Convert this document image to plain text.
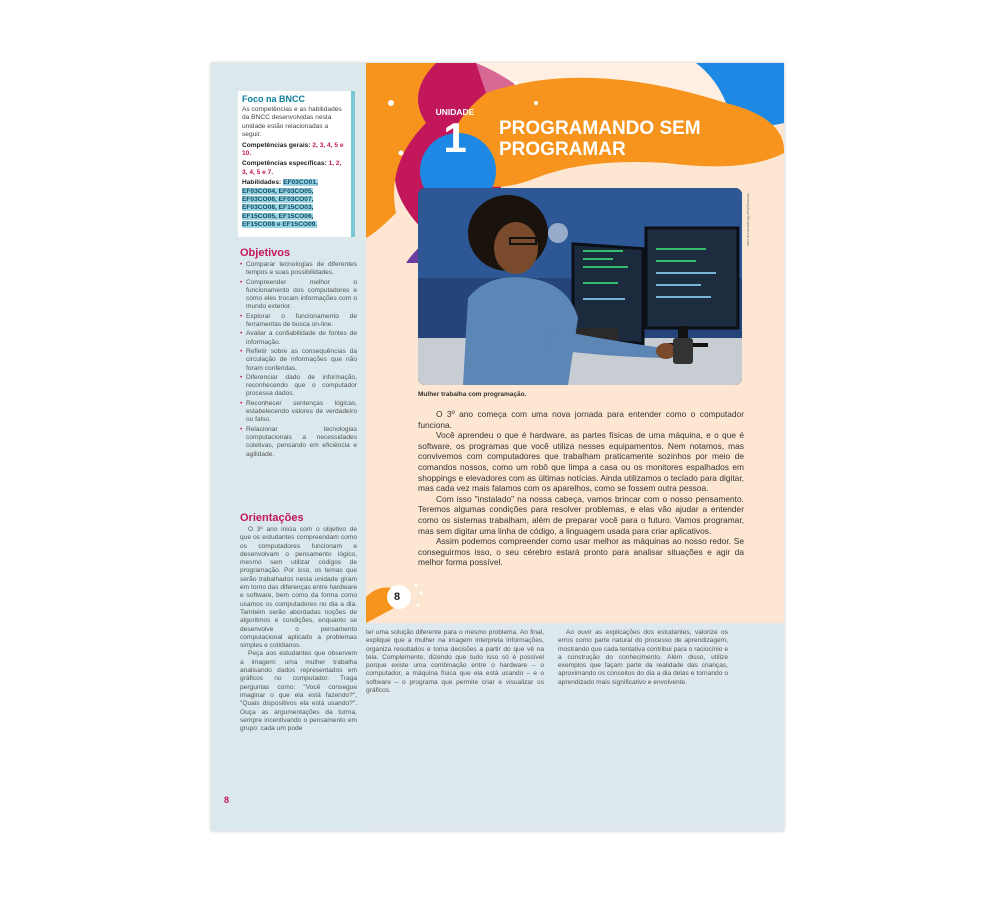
Foco na BNCC

As competências e as habilidades da BNCC desenvolvidas nesta unidade estão relacionadas a seguir.

Competências gerais: 2, 3, 4, 5 e 10.

Competências específicas: 1, 2, 3, 4, 5 e 7.

Habilidades: EF03CO01, EF03CO04, EF03CO05, EF03CO06, EF03CO07, EF03CO08, EF15CO03, EF15CO05, EF15CO06, EF15CO08 e EF15CO09.

Objetivos
• Comparar tecnologias de diferentes tempos e suas possibilidades.
• Compreender melhor o funcionamento dos computadores e como eles trocam informações com o mundo exterior.
• Explorar o funcionamento de ferramentas de busca on-line.
• Avaliar a confiabilidade de fontes de informação.
• Refletir sobre as consequências da circulação de informações que não foram conferidas.
• Diferenciar dado de informação, reconhecendo que o computador processa dados.
• Reconhecer sentenças lógicas, estabelecendo valores de verdadeiro ou falso.
• Relacionar tecnologias computacionais a necessidades coletivas, pensando em eficiência e agilidade.
Orientações

O 3º ano inicia com o objetivo de que os estudantes compreendam como os computadores funcionam e desenvolvam o pensamento lógico, mesmo sem utilizar códigos de programação. Por isso, os temas que serão trabalhados nesta unidade giram em torno das diferenças entre hardware e software, bem como da forma como usamos os computadores no dia a dia. Também serão abordadas noções de algoritmos e condições, enquanto se desenvolve o pensamento computacional aplicado a problemas simples e cotidianos.

Peça aos estudantes que observem a imagem: uma mulher trabalha analisando dados representados em gráficos no computador. Traga perguntas como: "Você consegue imaginar o que ela está fazendo?", "Quais dispositivos ela está usando?". Ouça as argumentações da turma, sempre incentivando o pensamento em grupo: cada um pode

8
UNIDADE
1	PROGRAMANDO SEM
PROGRAMAR
Seventyfour/Shutterstock.com
Mulher trabalha com programação.

O 3º ano começa com uma nova jornada para entender como o computador funciona.

Você aprendeu o que é hardware, as partes físicas de uma máquina, e o que é software, os programas que você utiliza nesses equipamentos. Nem notamos, mas convivemos com computadores que trabalham praticamente sozinhos por meio de comandos nossos, como um robô que limpa a casa ou os monitores espalhados em shoppings e elevadores com as últimas notícias. Ainda utilizamos o teclado para digitar, mas cada vez mais falamos com os aparelhos, como se fossem outra pessoa.

Com isso "instalado" na nossa cabeça, vamos brincar com o nosso pensamento. Teremos algumas condições para resolver problemas, e elas vão ajudar a entender como os sistemas trabalham, além de preparar você para o futuro. Vamos programar, mas sem digitar uma linha de código, a linguagem usada para criar aplicativos.

Assim podemos compreender como usar melhor as máquinas ao nosso redor. Se conseguirmos isso, o seu cérebro estará pronto para analisar situações e agir da melhor forma possível.

8

ter uma solução diferente para o mesmo problema. Ao final, explique que a mulher na imagem interpreta informações, organiza resultados e toma decisões a partir do que vê na tela. Complemente, dizendo que tudo isso só é possível porque existe uma combinação entre o hardware – o computador, a máquina física que ela está usando – e o software – o programa que permite criar e visualizar os gráficos.

Ao ouvir as explicações dos estudantes, valorize os erros como parte natural do processo de aprendizagem, mostrando que cada tentativa contribui para o raciocínio e a construção do conhecimento. Além disso, utilize exemplos que façam parte da realidade das crianças, aproximando os conceitos do dia a dia delas e tornando o aprendizado mais significativo e envolvente.
